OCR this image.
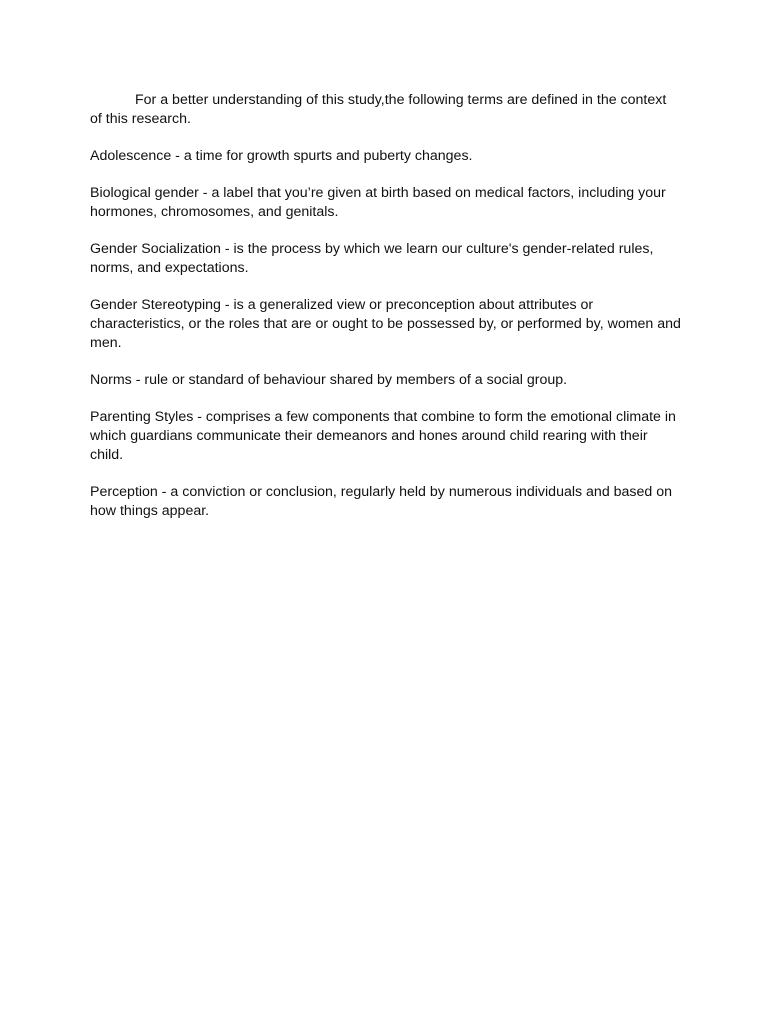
For a better understanding of this study,the following terms are defined in the context of this research.

Adolescence - a time for growth spurts and puberty changes.

Biological gender - a label that you’re given at birth based on medical factors, including your hormones, chromosomes, and genitals.

Gender Socialization - is the process by which we learn our culture's gender-related rules, norms, and expectations.

Gender Stereotyping - is a generalized view or preconception about attributes or characteristics, or the roles that are or ought to be possessed by, or performed by, women and men.

Norms - rule or standard of behaviour shared by members of a social group.

Parenting Styles - comprises a few components that combine to form the emotional climate in which guardians communicate their demeanors and hones around child rearing with their child.

Perception - a conviction or conclusion, regularly held by numerous individuals and based on how things appear.
